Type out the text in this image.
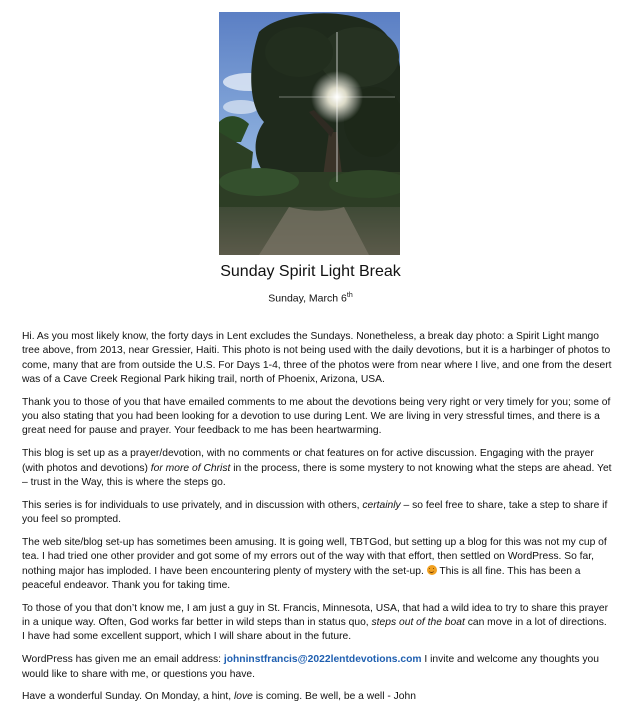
Sunday Spirit Light Break
Sunday, March 6th

Hi. As you most likely know, the forty days in Lent excludes the Sundays. Nonetheless, a break day photo: a Spirit Light mango tree above, from 2013, near Gressier, Haiti. This photo is not being used with the daily devotions, but it is a harbinger of photos to come, many that are from outside the U.S. For Days 1-4, three of the photos were from near where I live, and one from the desert was of a Cave Creek Regional Park hiking trail, north of Phoenix, Arizona, USA.

Thank you to those of you that have emailed comments to me about the devotions being very right or very timely for you; some of you also stating that you had been looking for a devotion to use during Lent. We are living in very stressful times, and there is a great need for pause and prayer. Your feedback to me has been heartwarming.

This blog is set up as a prayer/devotion, with no comments or chat features on for active discussion. Engaging with the prayer (with photos and devotions) for more of Christ in the process, there is some mystery to not knowing what the steps are ahead. Yet – trust in the Way, this is where the steps go.

This series is for individuals to use privately, and in discussion with others, certainly – so feel free to share, take a step to share if you feel so prompted.

The web site/blog set-up has sometimes been amusing. It is going well, TBTGod, but setting up a blog for this was not my cup of tea. I had tried one other provider and got some of my errors out of the way with that effort, then settled on WordPress. So far, nothing major has imploded. I have been encountering plenty of mystery with the set-up.  This is all fine. This has been a peaceful endeavor. Thank you for taking time.

To those of you that don’t know me, I am just a guy in St. Francis, Minnesota, USA, that had a wild idea to try to share this prayer in a unique way. Often, God works far better in wild steps than in status quo, steps out of the boat can move in a lot of directions. I have had some excellent support, which I will share about in the future.

WordPress has given me an email address: johninstfrancis@2022lentdevotions.com I invite and welcome any thoughts you would like to share with me, or questions you have.

Have a wonderful Sunday. On Monday, a hint, love is coming. Be well, be a well - John
